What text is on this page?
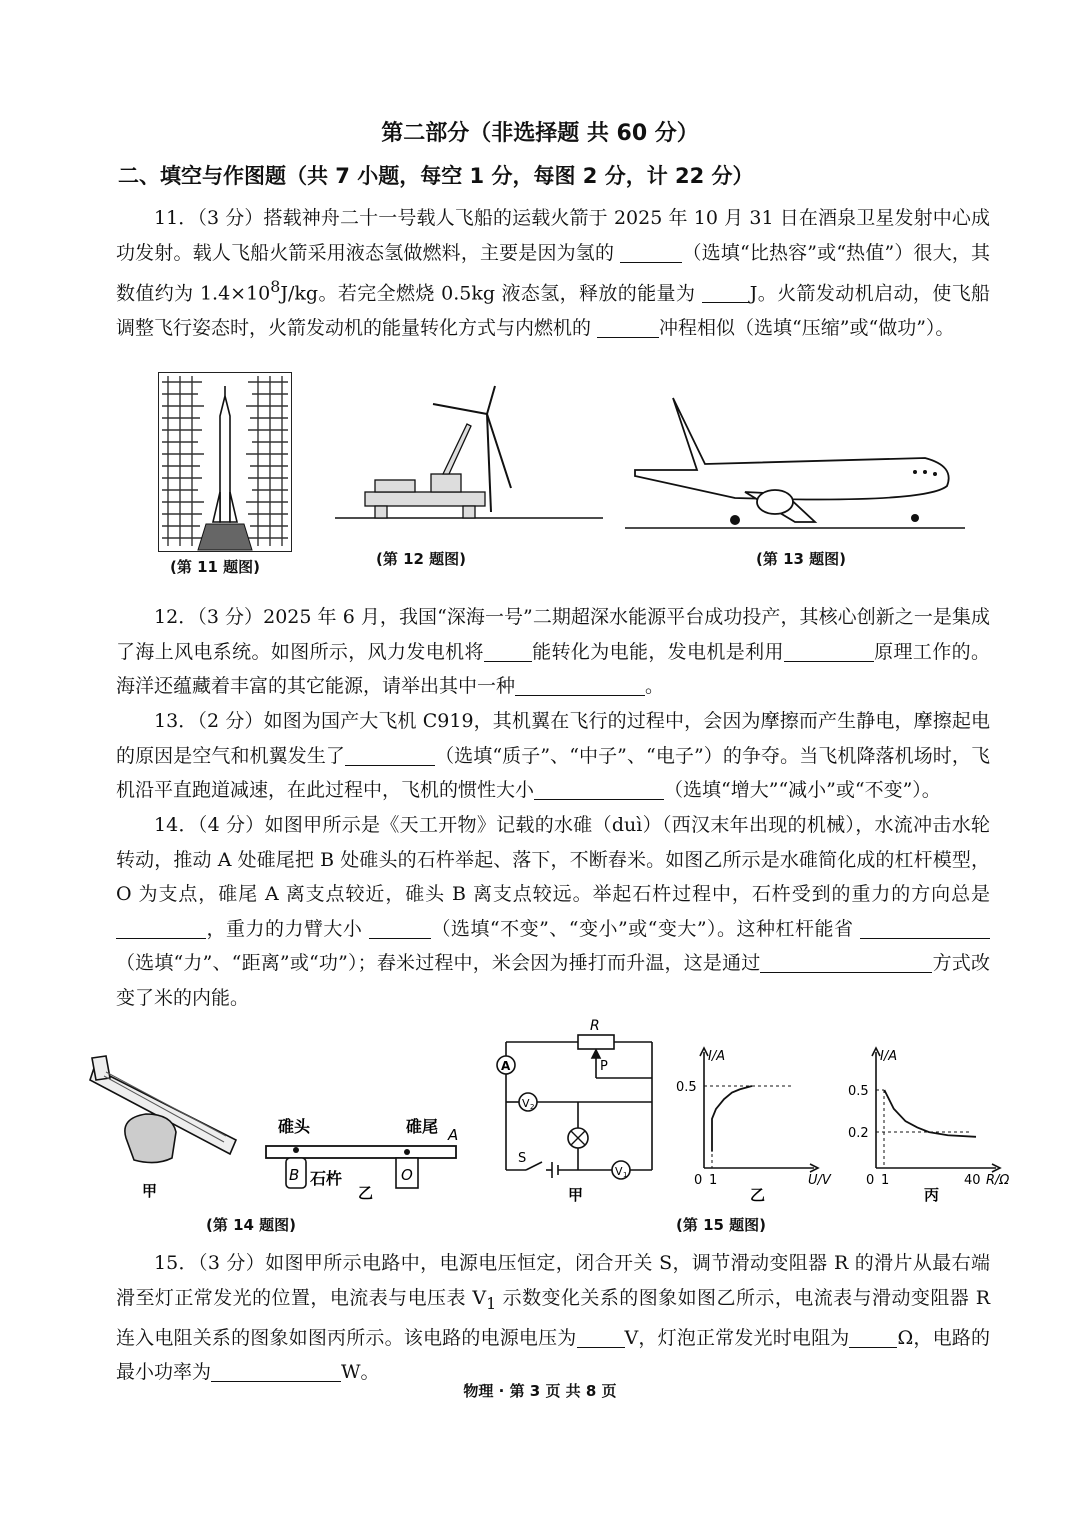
第二部分（非选择题 共 60 分）
二、填空与作图题（共 7 小题，每空 1 分，每图 2 分，计 22 分）
11．（3 分）搭载神舟二十一号载人飞船的运载火箭于 2025 年 10 月 31 日在酒泉卫星发射中心成功发射。载人飞船火箭采用液态氢做燃料，主要是因为氢的	（选填“比热容”或“热值”）很大，其数值约为 $1.4\times 10^8J/kg$。若完全燃烧 0.5kg 液态氢，释放的能量为	J。火箭发动机启动，使飞船调整飞行姿态时，火箭发动机的能量转化方式与内燃机的	冲程相似（选填“压缩”或“做功”）。
(第 11 题图)	(第 12 题图)	(第 13 题图)
12．（3 分）2025 年 6 月，我国“深海一号”二期超深水能源平台成功投产，其核心创新之一是集成了海上风电系统。如图所示，风力发电机将	能转化为电能，发电机是利用	原理工作的。海洋还蕴藏着丰富的其它能源，请举出其中一种	。
13．（2 分）如图为国产大飞机 C919，其机翼在飞行的过程中，会因为摩擦而产生静电，摩擦起电的原因是空气和机翼发生了	（选填“质子”、“中子”、“电子”）的争夺。当飞机降落机场时，飞机沿平直跑道减速，在此过程中，飞机的惯性大小	（选填“增大”“减小”或“不变”）。
14．（4 分）如图甲所示是《天工开物》记载的水碓（duì）（西汉末年出现的机械），水流冲击水轮转动，推动 A 处碓尾把 B 处碓头的石杵举起、落下，不断舂米。如图乙所示是水碓简化成的杠杆模型，O 为支点，碓尾 A 离支点较近，碓头 B 离支点较远。举起石杵过程中，石杵受到的重力的方向总是，重力的力臂大小	（选填“不变”、“变小”或“变大”）。这种杠杆能省 （选填“力”、“距离”或“功”）；舂米过程中，米会因为捶打而升温，这是通过	方式改变了米的内能。
甲
碓头	碓尾 A
B 石杵	O
乙
A
V 2
V 1
R
P
S
甲
I/A
0.5
0 1	U/V
乙
I/A
0.5
0.2
0 1	40 R/Ω
丙
(第 14 题图)	(第 15 题图)
15．（3 分）如图甲所示电路中，电源电压恒定，闭合开关 S，调节滑动变阻器 R 的滑片从最右端滑至灯正常发光的位置，电流表与电压表 $V_1$ 示数变化关系的图象如图乙所示，电流表与滑动变阻器 R 连入电阻关系的图象如图丙所示。该电路的电源电压为	V，灯泡正常发光时电阻为	Ω，电路的最小功率为	W。
物理 · 第 3 页 共 8 页
